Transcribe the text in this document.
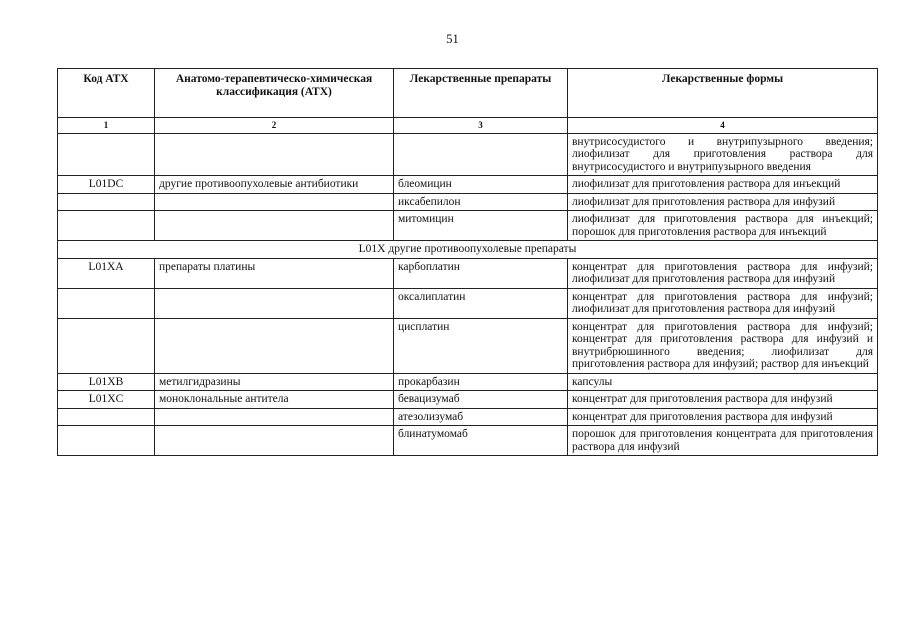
51
Код АТХ	Анатомо-терапевтическо-химическая классификация (АТХ)	Лекарственные препараты	Лекарственные формы
1	2	3	4
			внутрисосудистого и внутрипузырного введения; лиофилизат для приготовления раствора для внутрисосудистого и внутрипузырного введения
L01DC	другие противоопухолевые антибиотики	блеомицин	лиофилизат для приготовления раствора для инъекций
		иксабепилон	лиофилизат для приготовления раствора для инфузий
		митомицин	лиофилизат для приготовления раствора для инъекций; порошок для приготовления раствора для инъекций
L01X другие противоопухолевые препараты			
L01XA	препараты платины	карбоплатин	концентрат для приготовления раствора для инфузий; лиофилизат для приготовления раствора для инфузий
		оксалиплатин	концентрат для приготовления раствора для инфузий; лиофилизат для приготовления раствора для инфузий
		цисплатин	концентрат для приготовления раствора для инфузий; концентрат для приготовления раствора для инфузий и внутрибрюшинного введения; лиофилизат для приготовления раствора для инфузий; раствор для инъекций
L01XB	метилгидразины	прокарбазин	капсулы
L01XC	моноклональные антитела	бевацизумаб	концентрат для приготовления раствора для инфузий
		атезолизумаб	концентрат для приготовления раствора для инфузий
		блинатумомаб	порошок для приготовления концентрата для приготовления раствора для инфузий
